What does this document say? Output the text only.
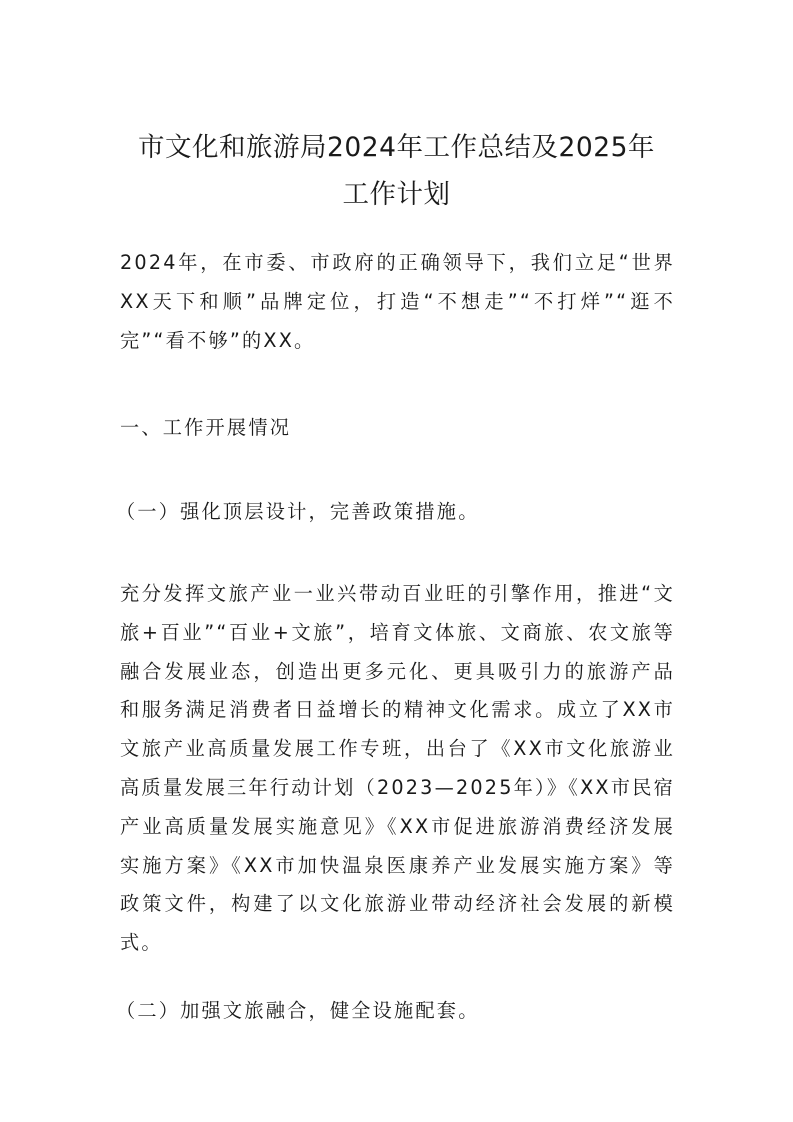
市文化和旅游局2024年工作总结及2025年
工作计划

2024年，在市委、市政府的正确领导下，我们立足“世界XX天下和顺”品牌定位，打造“不想走”“不打烊”“逛不完”“看不够”的XX。

一、工作开展情况
（一）强化顶层设计，完善政策措施。

充分发挥文旅产业一业兴带动百业旺的引擎作用，推进“文旅+百业”“百业+文旅”，培育文体旅、文商旅、农文旅等融合发展业态，创造出更多元化、更具吸引力的旅游产品和服务满足消费者日益增长的精神文化需求。成立了XX市文旅产业高质量发展工作专班，出台了《XX市文化旅游业高质量发展三年行动计划（2023—2025年）》《XX市民宿产业高质量发展实施意见》《XX市促进旅游消费经济发展实施方案》《XX市加快温泉医康养产业发展实施方案》等政策文件，构建了以文化旅游业带动经济社会发展的新模式。

（二）加强文旅融合，健全设施配套。
